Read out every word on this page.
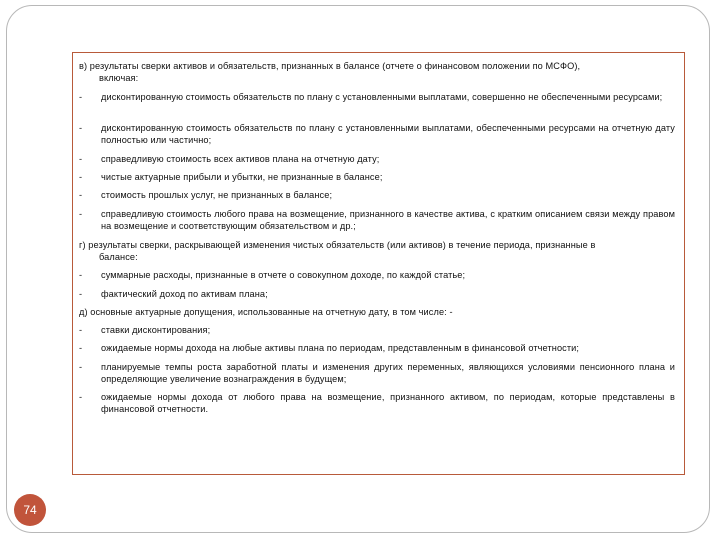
в) результаты сверки активов и обязательств, признанных в балансе (отчете о финансовом положении по МСФО),
включая:
-	дисконтированную стоимость обязательств по плану с установленными выплатами, совершенно не обеспеченными ресурсами;
-	дисконтированную стоимость обязательств по плану с установленными выплатами, обеспеченными ресурсами на отчетную дату полностью или частично;
-	справедливую стоимость всех активов плана на отчетную дату;
-	чистые актуарные прибыли и убытки, не признанные в балансе;
-	стоимость прошлых услуг, не признанных в балансе;
-	справедливую стоимость любого права на возмещение, признанного в качестве актива, с кратким описанием связи между правом на возмещение и соответствующим обязательством и др.;
г) результаты сверки, раскрывающей изменения чистых обязательств (или активов) в течение периода, признанные в
балансе:
-	суммарные расходы, признанные в отчете о совокупном доходе, по каждой статье;
-	фактический доход по активам плана;
д) основные актуарные допущения, использованные на отчетную дату, в том числе: -
-	ставки дисконтирования;
-	ожидаемые нормы дохода на любые активы плана по периодам, представленным в финансовой отчетности;
-	планируемые темпы роста заработной платы и изменения других переменных, являющихся условиями пенсионного плана и определяющие увеличение вознаграждения в будущем;
-	ожидаемые нормы дохода от любого права на возмещение, признанного активом, по периодам, которые представлены в финансовой отчетности.
74
